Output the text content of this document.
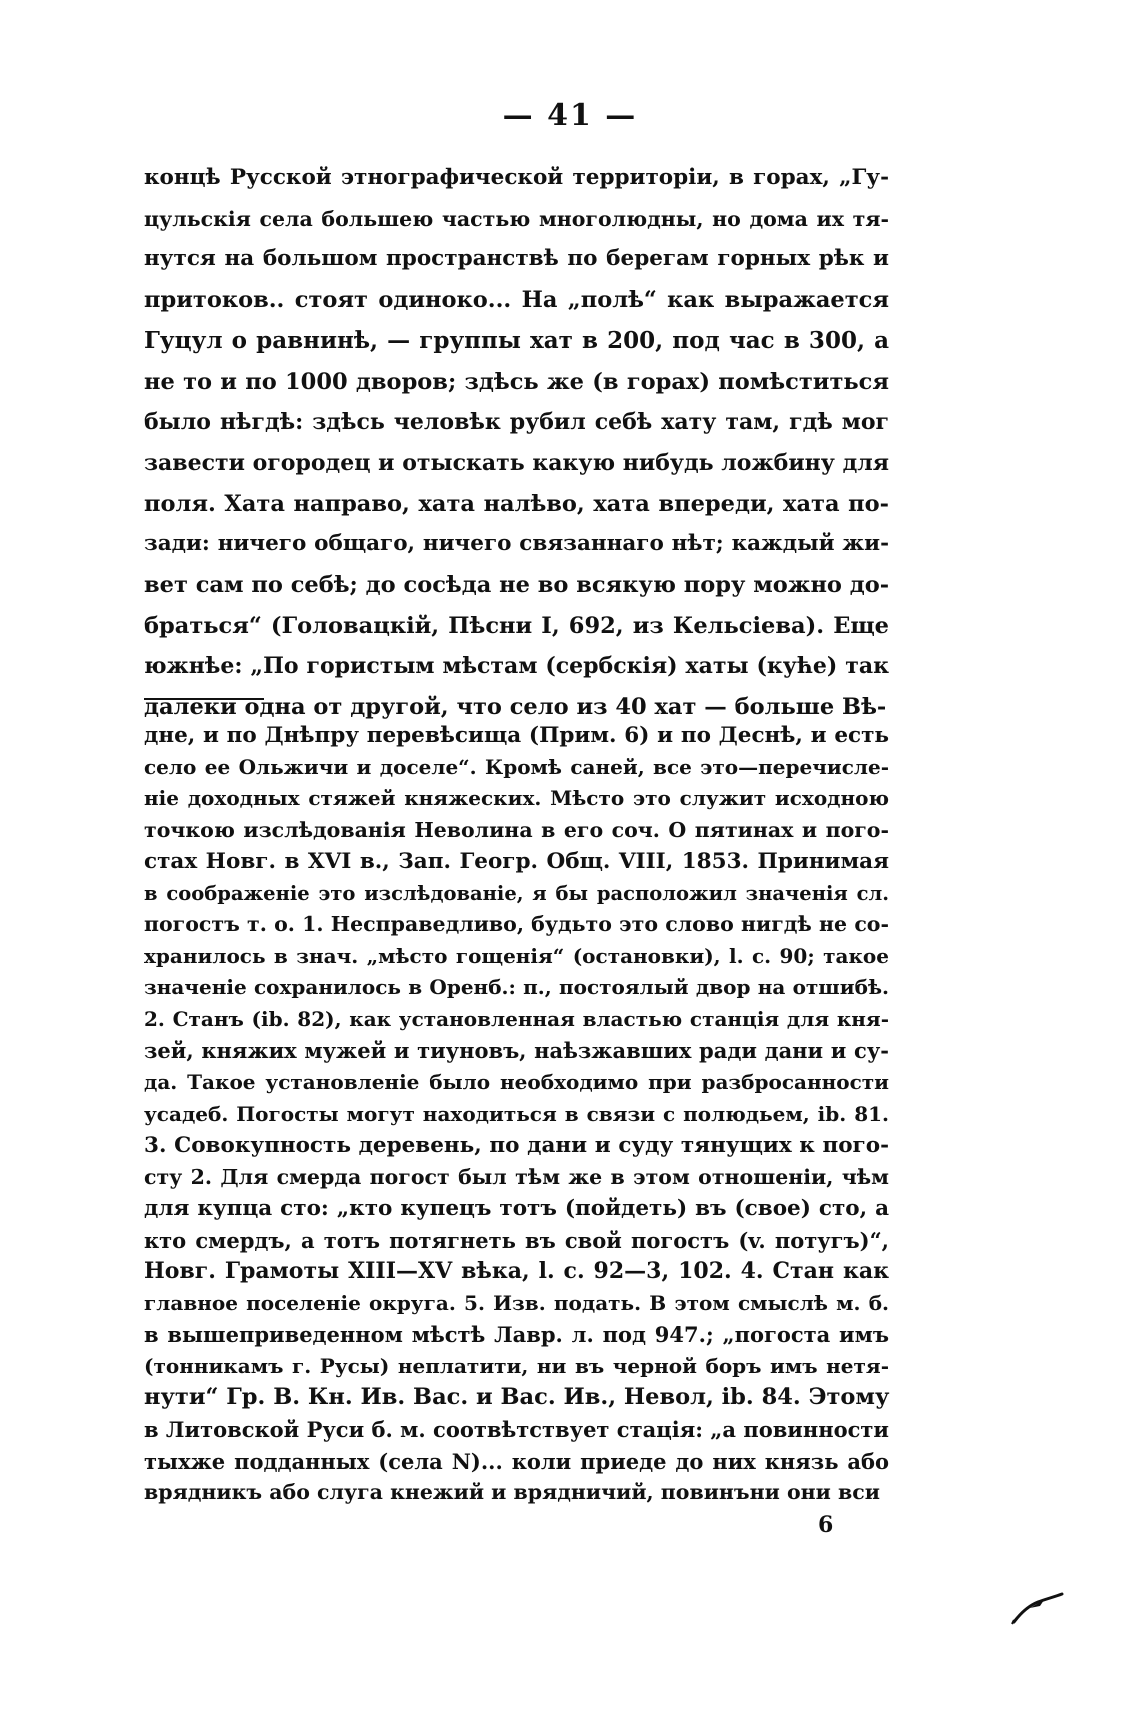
— 41 —
концѣ Русской этнографической территоріи, в горах, „Гу-
цульскія села большею частью многолюдны, но дома их тя-
нутся на большом пространствѣ по берегам горных рѣк и
притоков.. стоят одиноко... На „полѣ“ как выражается
Гуцул о равнинѣ, — группы хат в 200, под час в 300, а
не то и по 1000 дворов; здѣсь же (в горах) помѣститься
было нѣгдѣ: здѣсь человѣк рубил себѣ хату там, гдѣ мог
завести огородец и отыскать какую нибудь ложбину для
поля. Хата направо, хата налѣво, хата впереди, хата по-
зади: ничего общаго, ничего связаннаго нѣт; каждый жи-
вет сам по себѣ; до сосѣда не во всякую пору можно до-
браться“ (Головацкій, Пѣсни I, 692, из Кельсіева). Еще
южнѣе: „По гористым мѣстам (сербскія) хаты (куће) так
далеки одна от другой, что село из 40 хат — больше Вѣ-
дне, и по Днѣпру перевѣсища (Прим. 6) и по Деснѣ, и есть
село ее Ольжичи и доселе“. Кромѣ саней, все это—перечисле-
ніе доходных стяжей княжеских. Мѣсто это служит исходною
точкою изслѣдованія Неволина в его соч. О пятинах и пого-
стах Новг. в XVI в., Зап. Геогр. Общ. VIII, 1853. Принимая
в соображеніе это изслѣдованіе, я бы расположил значенія сл.
погостъ т. о. 1. Несправедливо, будьто это слово нигдѣ не со-
хранилось в знач. „мѣсто гощенія“ (остановки), l. c. 90; такое
значеніе сохранилось в Оренб.: п., постоялый двор на отшибѣ.
2. Станъ (ib. 82), как установленная властью станція для кня-
зей, княжих мужей и тиуновъ, наѣзжавших ради дани и су-
да. Такое установленіе было необходимо при разбросанности
усадеб. Погосты могут находиться в связи с полюдьем, ib. 81.
3. Совокупность деревень, по дани и суду тянущих к пого-
сту 2. Для смерда погост был тѣм же в этом отношеніи, чѣм
для купца сто: „кто купецъ тотъ (пойдеть) въ (свое) сто, а
кто смердъ, а тотъ потягнеть въ свой погостъ (v. потугъ)“,
Новг. Грамоты XIII—XV вѣка, l. c. 92—3, 102. 4. Стан как
главное поселеніе округа. 5. Изв. подать. В этом смыслѣ м. б.
в вышеприведенном мѣстѣ Лавр. л. под 947.; „погоста имъ
(тонникамъ г. Русы) неплатити, ни въ черной боръ имъ нетя-
нути“ Гр. В. Кн. Ив. Вас. и Вас. Ив., Невол, ib. 84. Этому
в Литовской Руси б. м. соотвѣтствует стація: „а повинности
тыхже подданных (села N)... коли приеде до них князь або
врядникъ або слуга кнежий и врядничий, повинъни они вси
6
